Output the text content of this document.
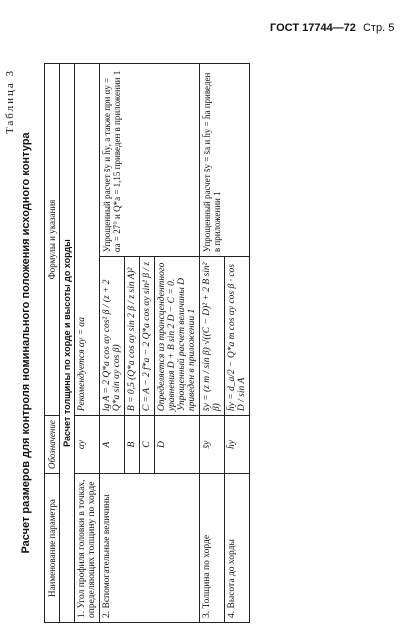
ГОСТ 17744—72 Стр. 5
Таблица 3
Расчет размеров для контроля номинального положения исходного контура Наименование параметра	Обозначение	Формулы и указания	
Расчет толщины по хорде и высоты до хорды			
1. Угол профиля головки в точках, определяющих толщину по хорде	αy	Рекомендуется αy = αa	
2. Вспомогательные величины	A	lg A = 2 Q*a cos αy cos² β / (z + 2 Q*a sin αy cos β)	Упрощенный расчет s̄y и h̄y, а также при αy = αa = 27° и Q*a = 1,15 приведен в приложении 1
	B	B = 0,5 (Q*a cos αy sin 2 β / z sin A)²	
	C	C = A − 2 f*a − 2 Q*a cos αy sin² β / z	
	D	Определяется из трансцендентного уравнения D + B sin 2 D − C = 0. Упрощенный расчет величины D приведен в приложении 1	
3. Толщина по хорде	s̄y	s̄y = (z m / sin β) √((C − D)² + 2 B sin² β)	Упрощенный расчет s̄y = s̄a и h̄y = h̄a приведен в приложении 1
4. Высота до хорды	h̄y	h̄y = d_a/2 − Q*a m cos αy cos β · cos D / sin A	
